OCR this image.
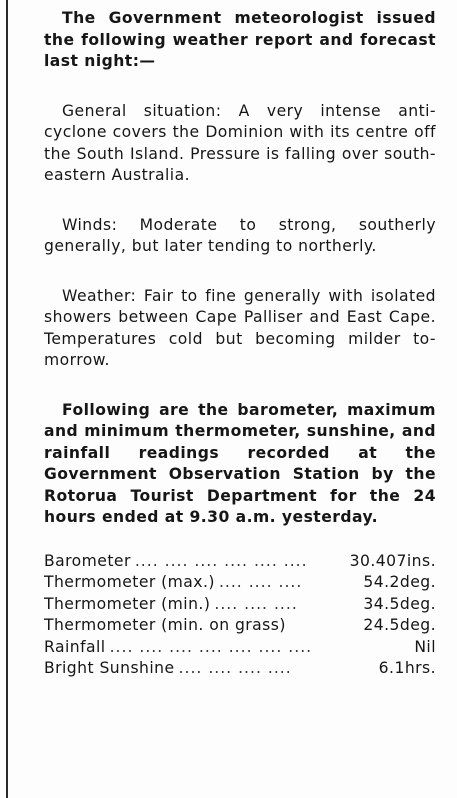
The Government meteorologist issued the following weather report and forecast last night:—

General situation: A very intense anti-cyclone covers the Dominion with its centre off the South Island. Pressure is falling over south-eastern Australia.

Winds: Moderate to strong, southerly generally, but later tending to northerly.

Weather: Fair to fine generally with isolated showers between Cape Palliser and East Cape. Temperatures cold but becoming milder to-morrow.

Following are the barometer, maximum and minimum thermometer, sunshine, and rainfall readings recorded at the Government Observation Station by the Rotorua Tourist Department for the 24 hours ended at 9.30 a.m. yesterday.

Barometer .... .... .... .... .... ....	30.407ins.
Thermometer (max.) .... .... ....	54.2deg.
Thermometer (min.) .... .... ....	34.5deg.
Thermometer (min. on grass)	24.5deg.
Rainfall .... .... .... .... .... .... ....	Nil
Bright Sunshine .... .... .... ....	6.1hrs.
